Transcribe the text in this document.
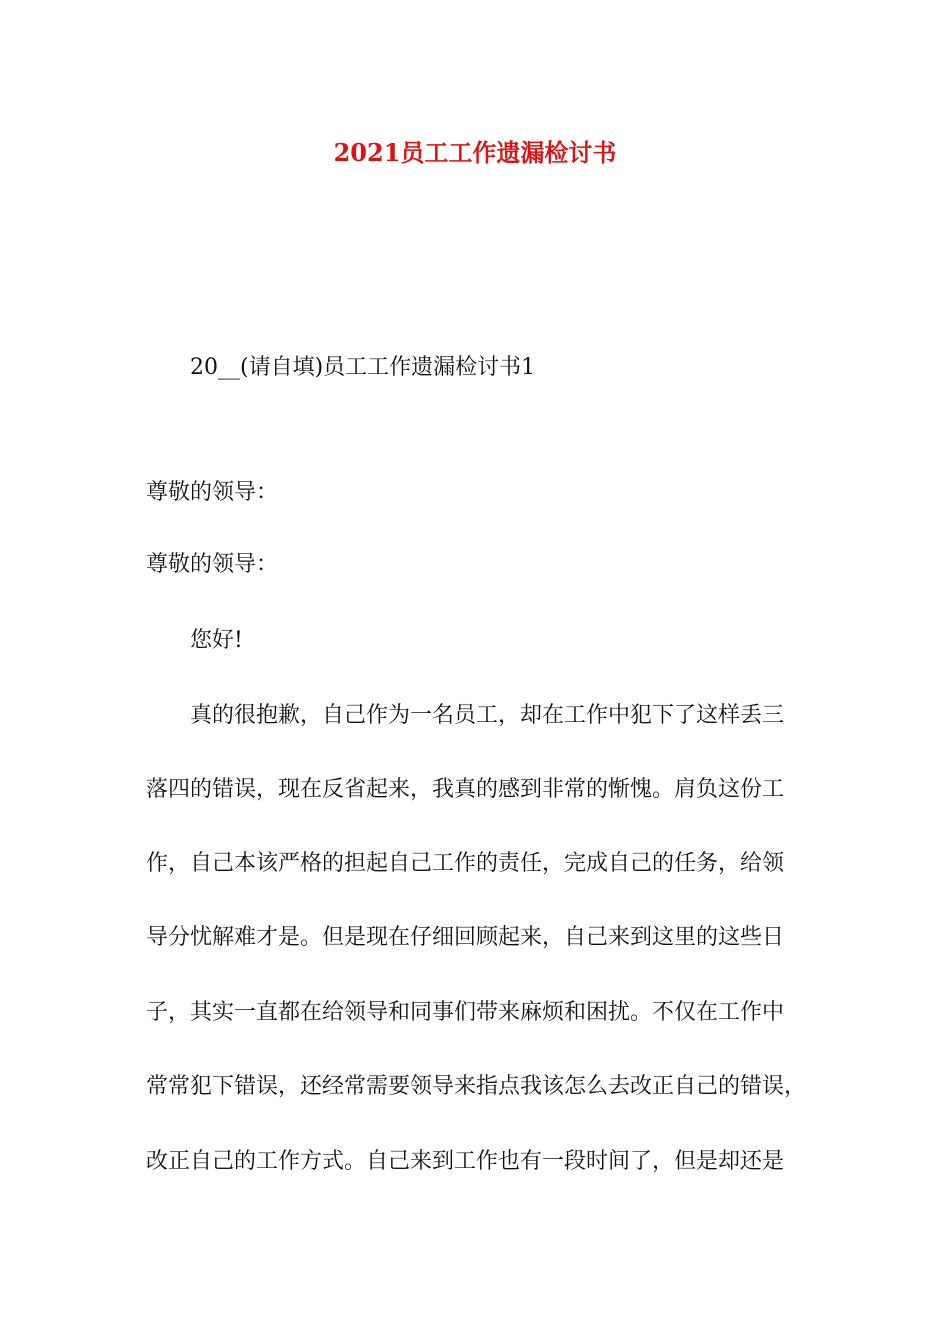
2021员工工作遗漏检讨书
20__(请自填)员工工作遗漏检讨书1
尊敬的领导：
尊敬的领导：
您好!
真的很抱歉，自己作为一名员工，却在工作中犯下了这样丢三
落四的错误，现在反省起来，我真的感到非常的惭愧。肩负这份工
作，自己本该严格的担起自己工作的责任，完成自己的任务，给领
导分忧解难才是。但是现在仔细回顾起来，自己来到这里的这些日
子，其实一直都在给领导和同事们带来麻烦和困扰。不仅在工作中
常常犯下错误，还经常需要领导来指点我该怎么去改正自己的错误，
改正自己的工作方式。自己来到工作也有一段时间了，但是却还是
